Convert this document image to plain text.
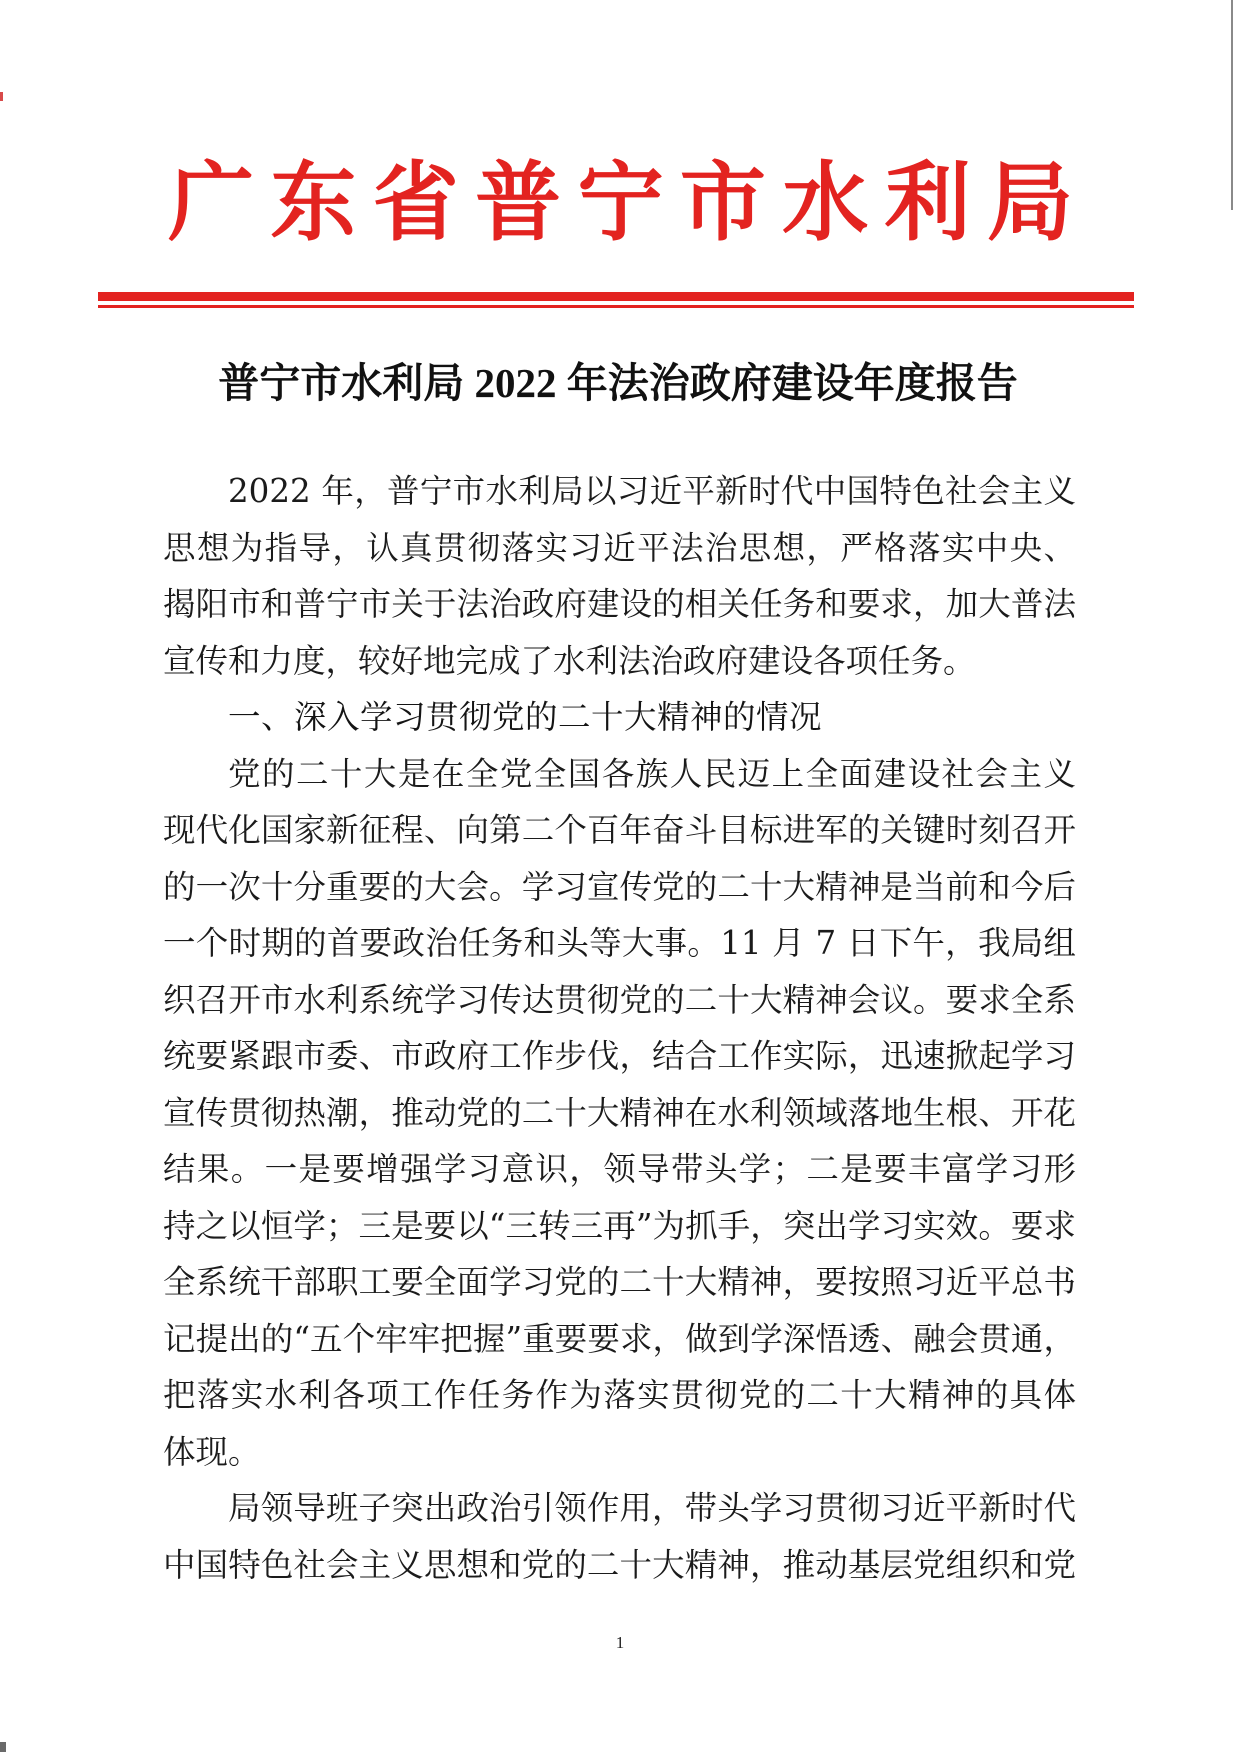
广东省普宁市水利局
普宁市水利局 2022 年法治政府建设年度报告
2022 年，普宁市水利局以习近平新时代中国特色社会主义
思想为指导，认真贯彻落实习近平法治思想，严格落实中央、
揭阳市和普宁市关于法治政府建设的相关任务和要求，加大普法
宣传和力度，较好地完成了水利法治政府建设各项任务。
一、深入学习贯彻党的二十大精神的情况
党的二十大是在全党全国各族人民迈上全面建设社会主义
现代化国家新征程、向第二个百年奋斗目标进军的关键时刻召开
的一次十分重要的大会。学习宣传党的二十大精神是当前和今后
一个时期的首要政治任务和头等大事。11 月 7 日下午，我局组
织召开市水利系统学习传达贯彻党的二十大精神会议。要求全系
统要紧跟市委、市政府工作步伐，结合工作实际，迅速掀起学习
宣传贯彻热潮，推动党的二十大精神在水利领域落地生根、开花
结果。一是要增强学习意识，领导带头学；二是要丰富学习形
持之以恒学；三是要以“三转三再”为抓手，突出学习实效。要求
全系统干部职工要全面学习党的二十大精神，要按照习近平总书
记提出的“五个牢牢把握”重要要求，做到学深悟透、融会贯通，
把落实水利各项工作任务作为落实贯彻党的二十大精神的具体
体现。
局领导班子突出政治引领作用，带头学习贯彻习近平新时代
中国特色社会主义思想和党的二十大精神，推动基层党组织和党
1
